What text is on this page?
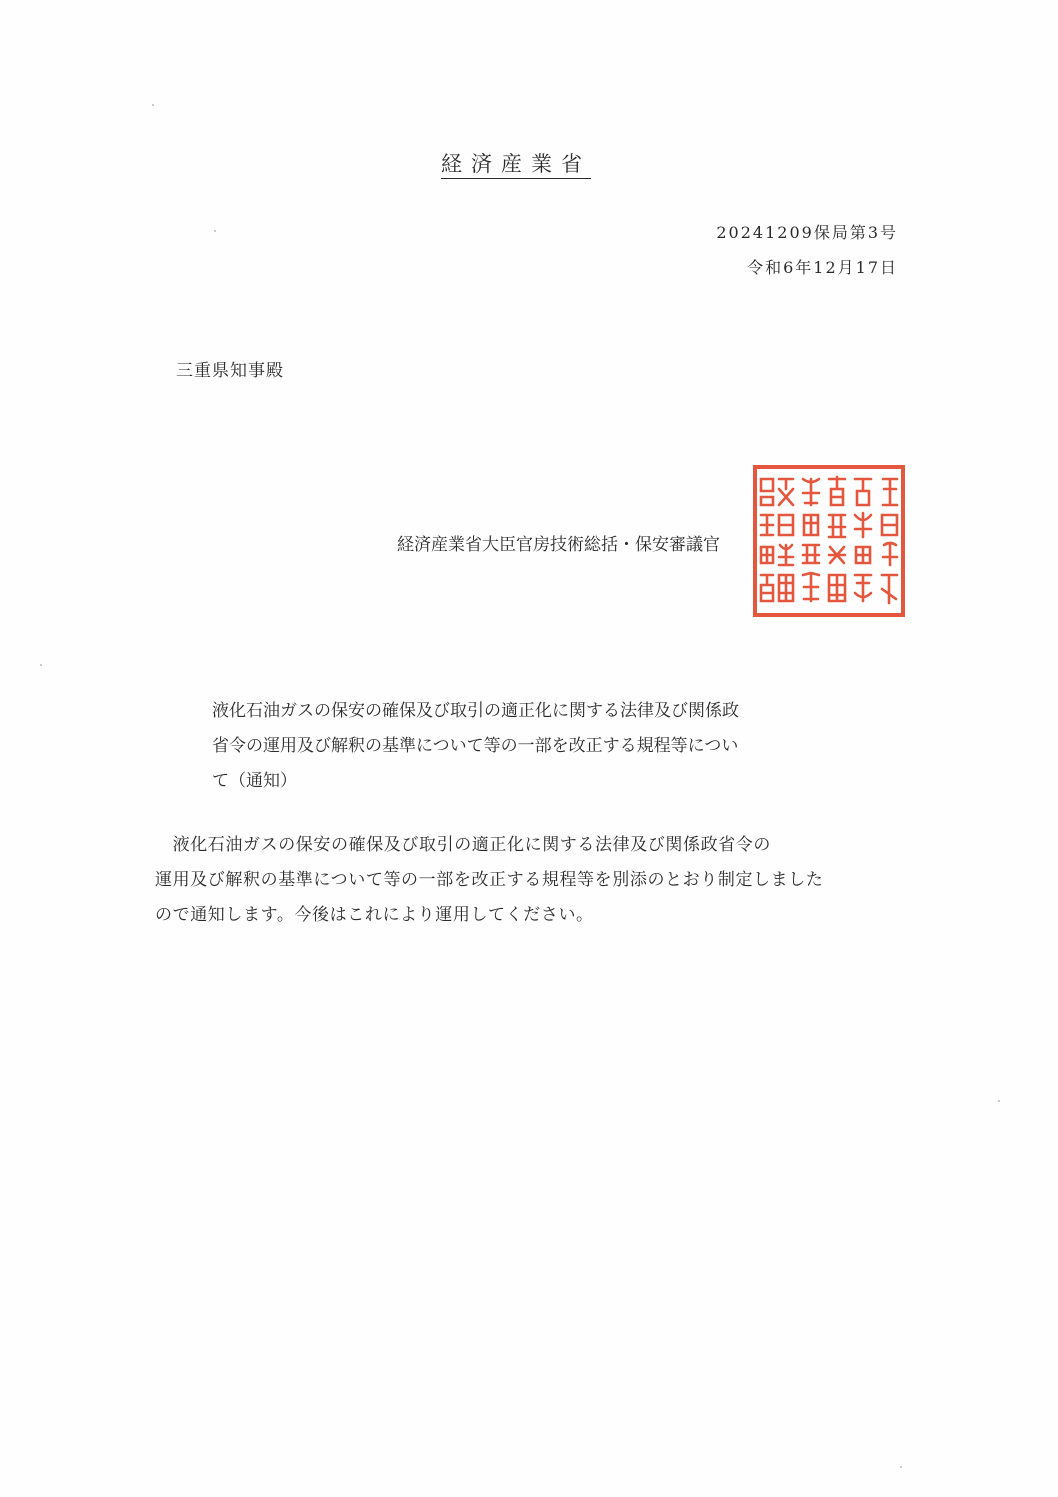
経済産業省
20241209保局第3号
令和6年12月17日
三重県知事殿
経済産業省大臣官房技術総括・保安審議官
液化石油ガスの保安の確保及び取引の適正化に関する法律及び関係政
省令の運用及び解釈の基準について等の一部を改正する規程等につい
て（通知）
　液化石油ガスの保安の確保及び取引の適正化に関する法律及び関係政省令の
運用及び解釈の基準について等の一部を改正する規程等を別添のとおり制定しました
ので通知します。今後はこれにより運用してください。
